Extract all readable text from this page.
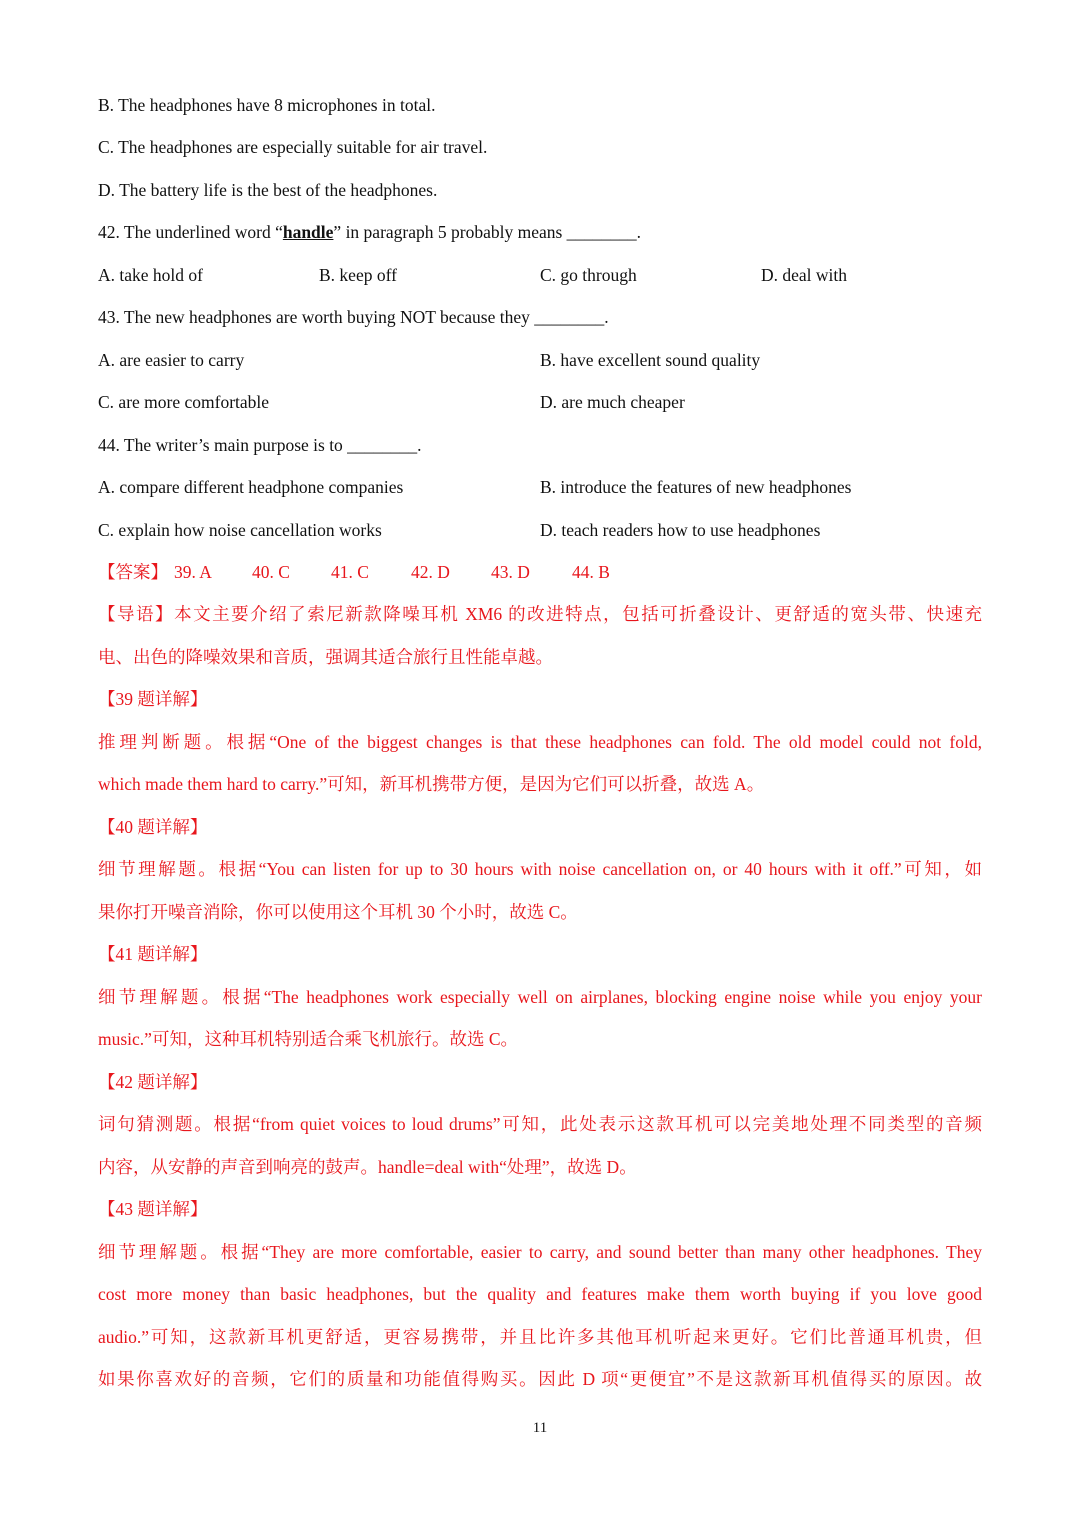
B. The headphones have 8 microphones in total.
C. The headphones are especially suitable for air travel.
D. The battery life is the best of the headphones.
42. The underlined word “handle” in paragraph 5 probably means ________.
A. take hold of	B. keep off	C. go through	D. deal with
43. The new headphones are worth buying NOT because they ________.
A. are easier to carry	B. have excellent sound quality
C. are more comfortable	D. are much cheaper
44. The writer’s main purpose is to ________.
A. compare different headphone companies	B. introduce the features of new headphones
C. explain how noise cancellation works	D. teach readers how to use headphones
【答案】 39. A 40. C 41. C 42. D 43. D 44. B
【导语】本文主要介绍了索尼新款降噪耳机 XM6 的改进特点，包括可折叠设计、更舒适的宽头带、快速充
电、出色的降噪效果和音质，强调其适合旅行且性能卓越。
【39 题详解】
推理判断题。根据“One of the biggest changes is that these headphones can fold. The old model could not fold,
which made them hard to carry.”可知，新耳机携带方便，是因为它们可以折叠，故选 A。
【40 题详解】
细节理解题。根据“You can listen for up to 30 hours with noise cancellation on, or 40 hours with it off.”可知，如
果你打开噪音消除，你可以使用这个耳机 30 个小时，故选 C。
【41 题详解】
细节理解题。根据“The headphones work especially well on airplanes, blocking engine noise while you enjoy your
music.”可知，这种耳机特别适合乘飞机旅行。故选 C。
【42 题详解】
词句猜测题。根据“from quiet voices to loud drums”可知，此处表示这款耳机可以完美地处理不同类型的音频
内容，从安静的声音到响亮的鼓声。handle=deal with“处理”，故选 D。
【43 题详解】
细节理解题。根据“They are more comfortable, easier to carry, and sound better than many other headphones. They
cost more money than basic headphones, but the quality and features make them worth buying if you love good
audio.”可知，这款新耳机更舒适，更容易携带，并且比许多其他耳机听起来更好。它们比普通耳机贵，但
如果你喜欢好的音频，它们的质量和功能值得购买。因此 D 项“更便宜”不是这款新耳机值得买的原因。故
11
